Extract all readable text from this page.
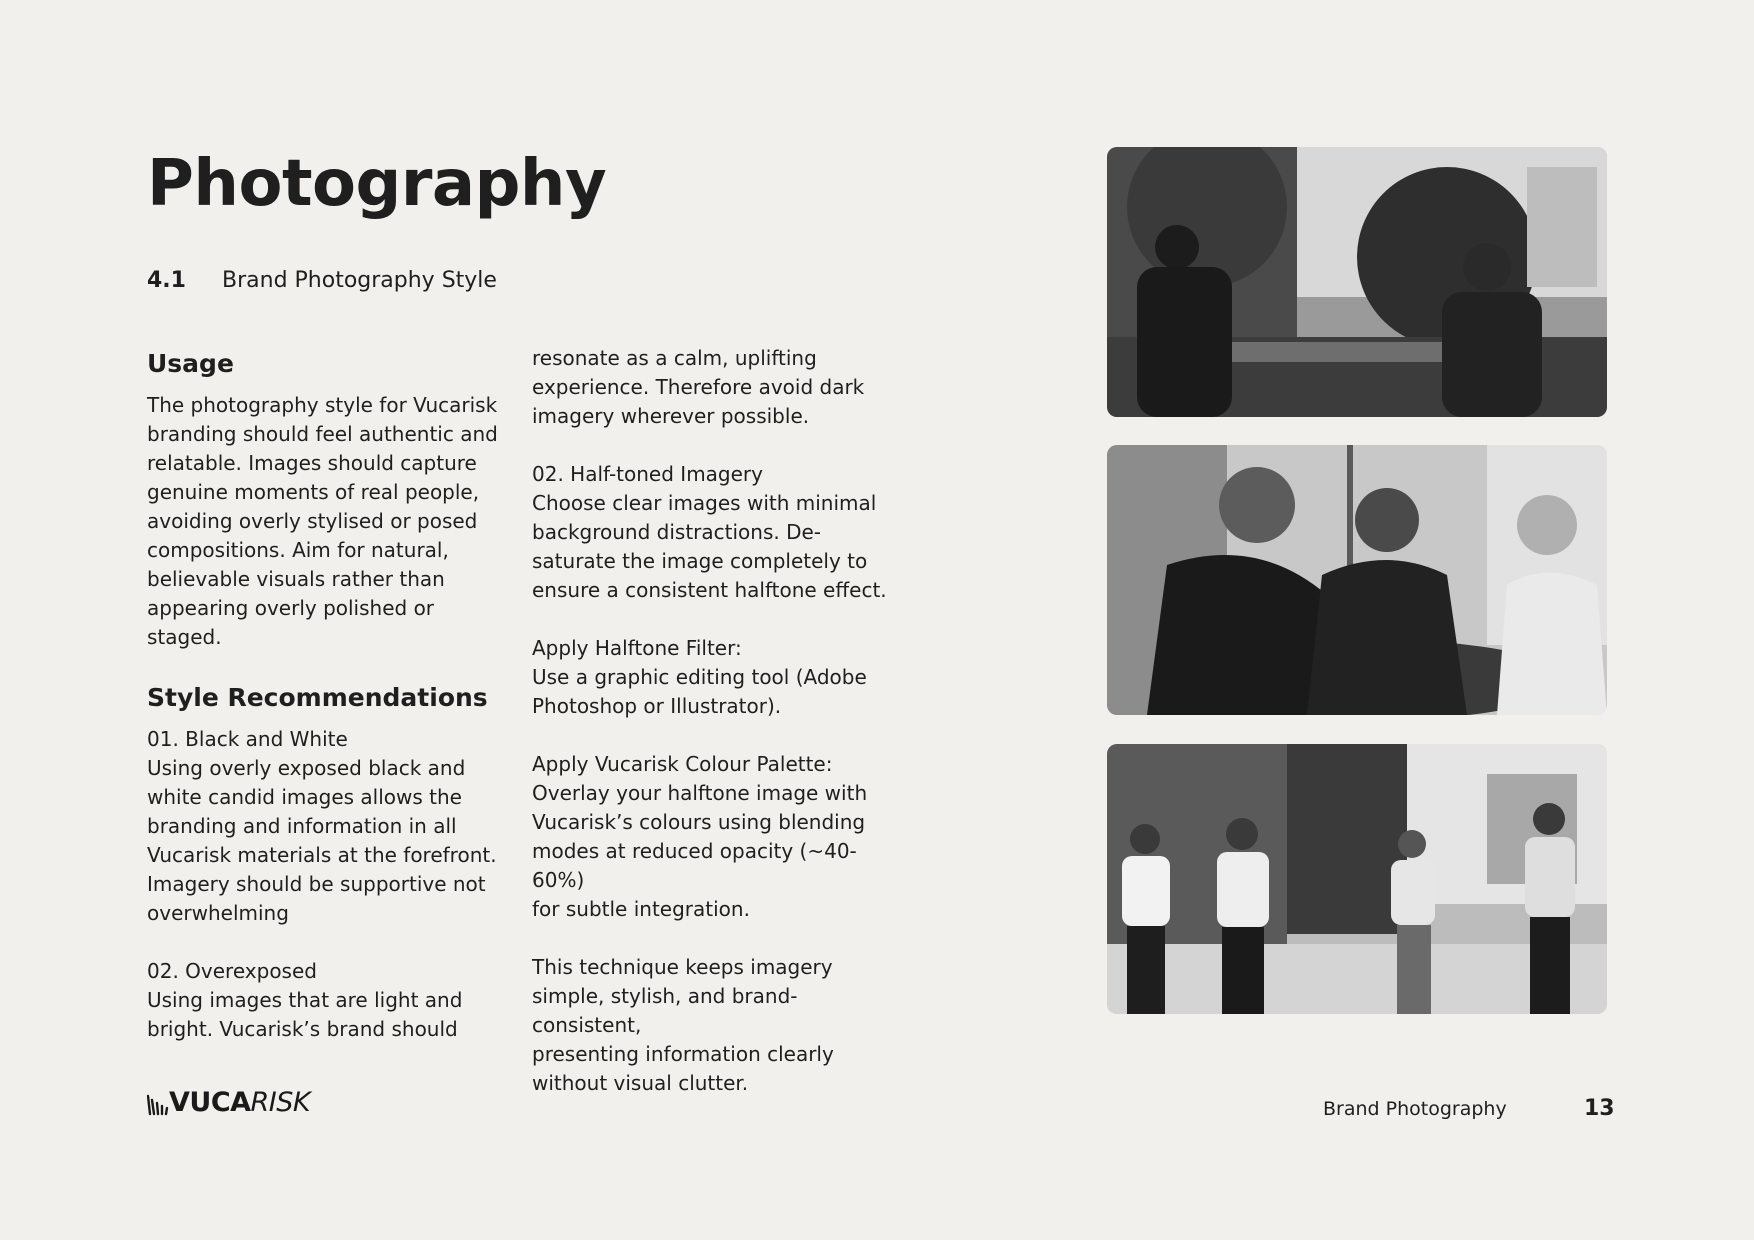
Photography
4.1	Brand Photography Style
Usage

The photography style for Vucarisk
branding should feel authentic and
relatable. Images should capture
genuine moments of real people,
avoiding overly stylised or posed
compositions. Aim for natural,
believable visuals rather than
appearing overly polished or staged.

Style Recommendations

01. Black and White
Using overly exposed black and
white candid images allows the
branding and information in all
Vucarisk materials at the forefront.
Imagery should be supportive not
overwhelming

02. Overexposed
Using images that are light and
bright. Vucarisk’s brand should

resonate as a calm, uplifting
experience. Therefore avoid dark
imagery wherever possible.

02. Half-toned Imagery
Choose clear images with minimal
background distractions. De-
saturate the image completely to
ensure a consistent halftone effect.

Apply Halftone Filter:
Use a graphic editing tool (Adobe
Photoshop or Illustrator).

Apply Vucarisk Colour Palette:
Overlay your halftone image with
Vucarisk’s colours using blending
modes at reduced opacity (~40-60%)
for subtle integration.

This technique keeps imagery
simple, stylish, and brand-consistent,
presenting information clearly
without visual clutter.

VUCARISK	Brand Photography	13
